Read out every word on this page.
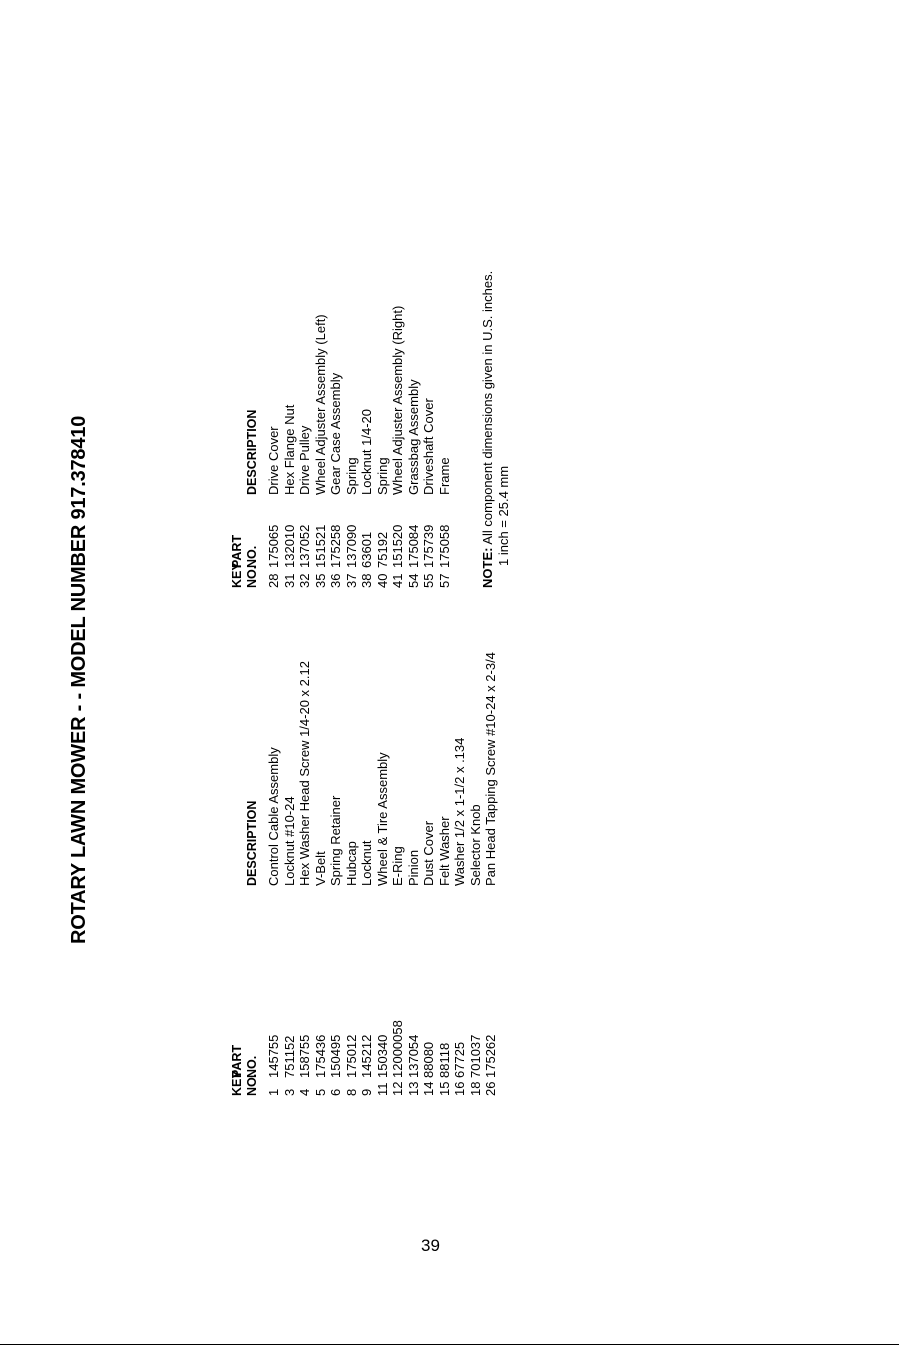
ROTARY LAWN MOWER - - MODEL NUMBER 917.378410
KEY
PART
NO.
NO.
DESCRIPTION
1
145755
Control Cable Assembly
3
751152
Locknut #10-24
4
158755
Hex Washer Head Screw 1/4-20 x 2.12
5
175436
V-Belt
6
150495
Spring Retainer
8
175012
Hubcap
9
145212
Locknut
11
150340
Wheel & Tire Assembly
12
12000058
E-Ring
13
137054
Pinion
14
88080
Dust Cover
15
88118
Felt Washer
16
67725
Washer 1/2 x 1-1/2 x .134
18
701037
Selector Knob
26
175262
Pan Head Tapping Screw #10-24 x 2-3/4
KEY
PART
NO.
NO.
DESCRIPTION
28
175065
Drive Cover
31
132010
Hex Flange Nut
32
137052
Drive Pulley
35
151521
Wheel Adjuster Assembly (Left)
36
175258
Gear Case Assembly
37
137090
Spring
38
63601
Locknut 1/4-20
40
75192
Spring
41
151520
Wheel Adjuster Assembly (Right)
54
175084
Grassbag Assembly
55
175739
Driveshaft Cover
57
175058
Frame
NOTE: All component dimensions given in U.S. inches. 1 inch = 25.4 mm
39
